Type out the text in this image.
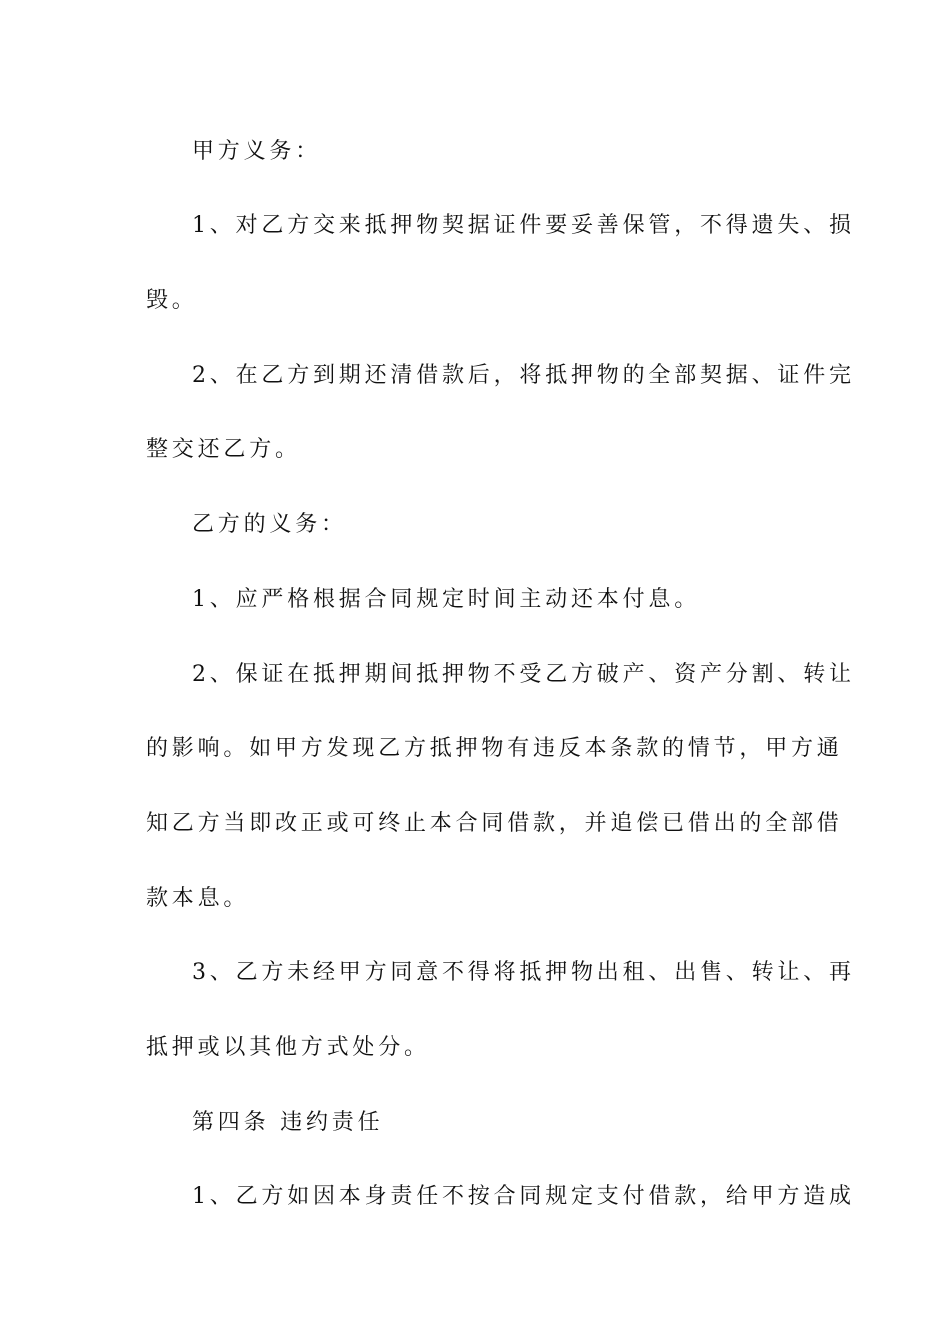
甲方义务：
1、对乙方交来抵押物契据证件要妥善保管，不得遗失、损
毁。
2、在乙方到期还清借款后，将抵押物的全部契据、证件完
整交还乙方。
乙方的义务：
1、应严格根据合同规定时间主动还本付息。
2、保证在抵押期间抵押物不受乙方破产、资产分割、转让
的影响。如甲方发现乙方抵押物有违反本条款的情节，甲方通
知乙方当即改正或可终止本合同借款，并追偿已借出的全部借
款本息。
3、乙方未经甲方同意不得将抵押物出租、出售、转让、再
抵押或以其他方式处分。
第四条 违约责任
1、乙方如因本身责任不按合同规定支付借款，给甲方造成
